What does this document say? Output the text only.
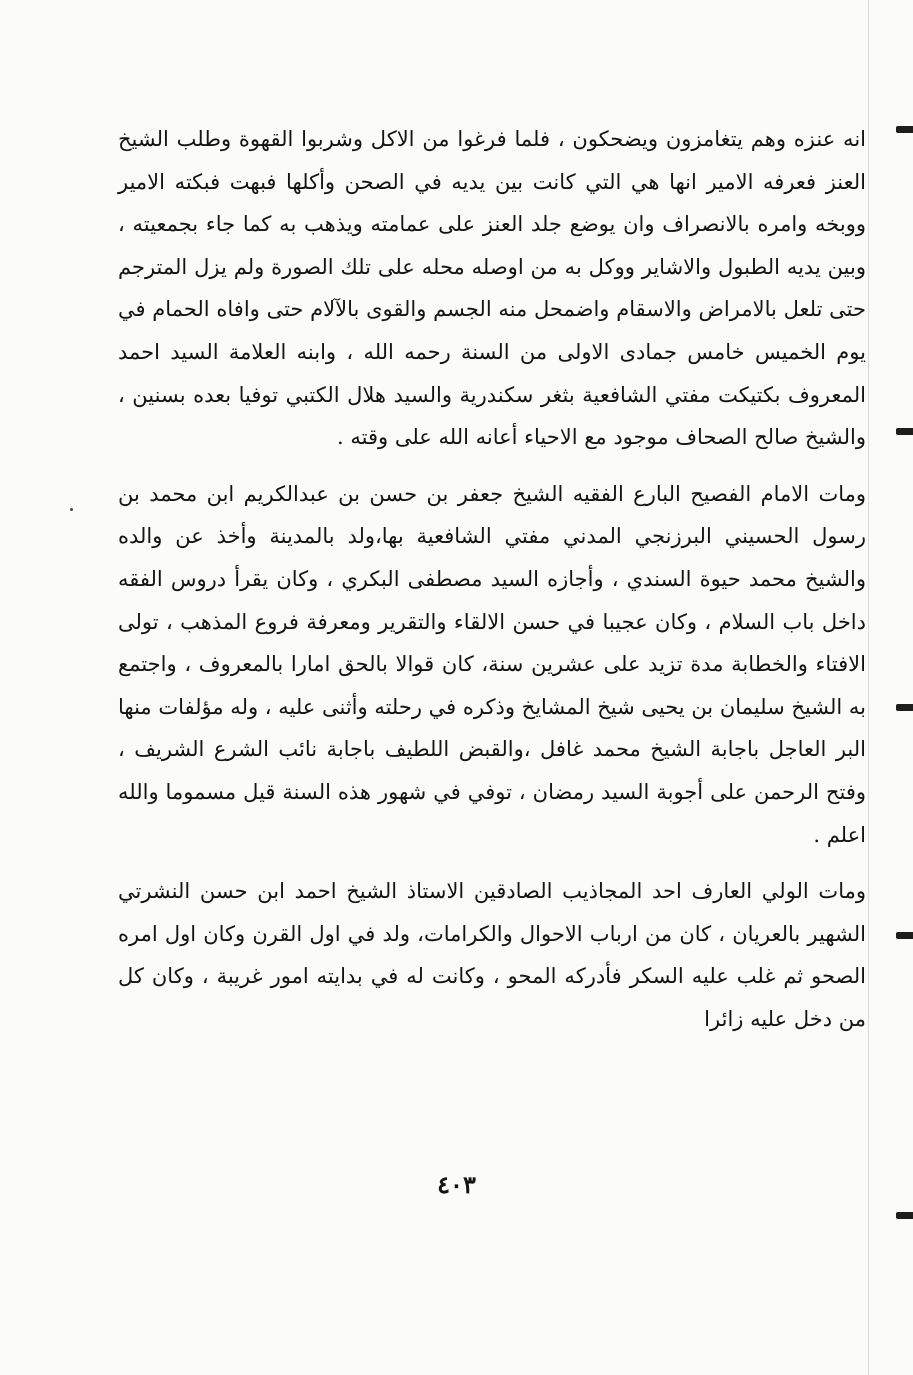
انه عنزه وهم يتغامزون ويضحكون ، فلما فرغوا من الاكل وشربوا القهوة وطلب الشيخ العنز فعرفه الامير انها هي التي كانت بين يديه في الصحن وأكلها فبهت فبكته الامير ووبخه وامره بالانصراف وان يوضع جلد العنز على عمامته ويذهب به كما جاء بجمعيته ، وبين يديه الطبول والاشاير ووكل به من اوصله محله على تلك الصورة ولم يزل المترجم حتى تلعل بالامراض والاسقام واضمحل منه الجسم والقوى بالآلام حتى وافاه الحمام في يوم الخميس خامس جمادى الاولى من السنة رحمه الله ، وابنه العلامة السيد احمد المعروف بكتيكت مفتي الشافعية بثغر سكندرية والسيد هلال الكتبي توفيا بعده بسنين ، والشيخ صالح الصحاف موجود مع الاحياء أعانه الله على وقته .

ومات الامام الفصيح البارع الفقيه الشيخ جعفر بن حسن بن عبدالكريم ابن محمد بن رسول الحسيني البرزنجي المدني مفتي الشافعية بها،ولد بالمدينة وأخذ عن والده والشيخ محمد حيوة السندي ، وأجازه السيد مصطفى البكري ، وكان يقرأ دروس الفقه داخل باب السلام ، وكان عجيبا في حسن الالقاء والتقرير ومعرفة فروع المذهب ، تولى الافتاء والخطابة مدة تزيد على عشرين سنة، كان قوالا بالحق امارا بالمعروف ، واجتمع به الشيخ سليمان بن يحيى شيخ المشايخ وذكره في رحلته وأثنى عليه ، وله مؤلفات منها البر العاجل باجابة الشيخ محمد غافل ،والقبض اللطيف باجابة نائب الشرع الشريف ، وفتح الرحمن على أجوبة السيد رمضان ، توفي في شهور هذه السنة قيل مسموما والله اعلم .

ومات الولي العارف احد المجاذيب الصادقين الاستاذ الشيخ احمد ابن حسن النشرتي الشهير بالعريان ، كان من ارباب الاحوال والكرامات، ولد في اول القرن وكان اول امره الصحو ثم غلب عليه السكر فأدركه المحو ، وكانت له في بدايته امور غريبة ، وكان كل من دخل عليه زائرا

٤٠٣
